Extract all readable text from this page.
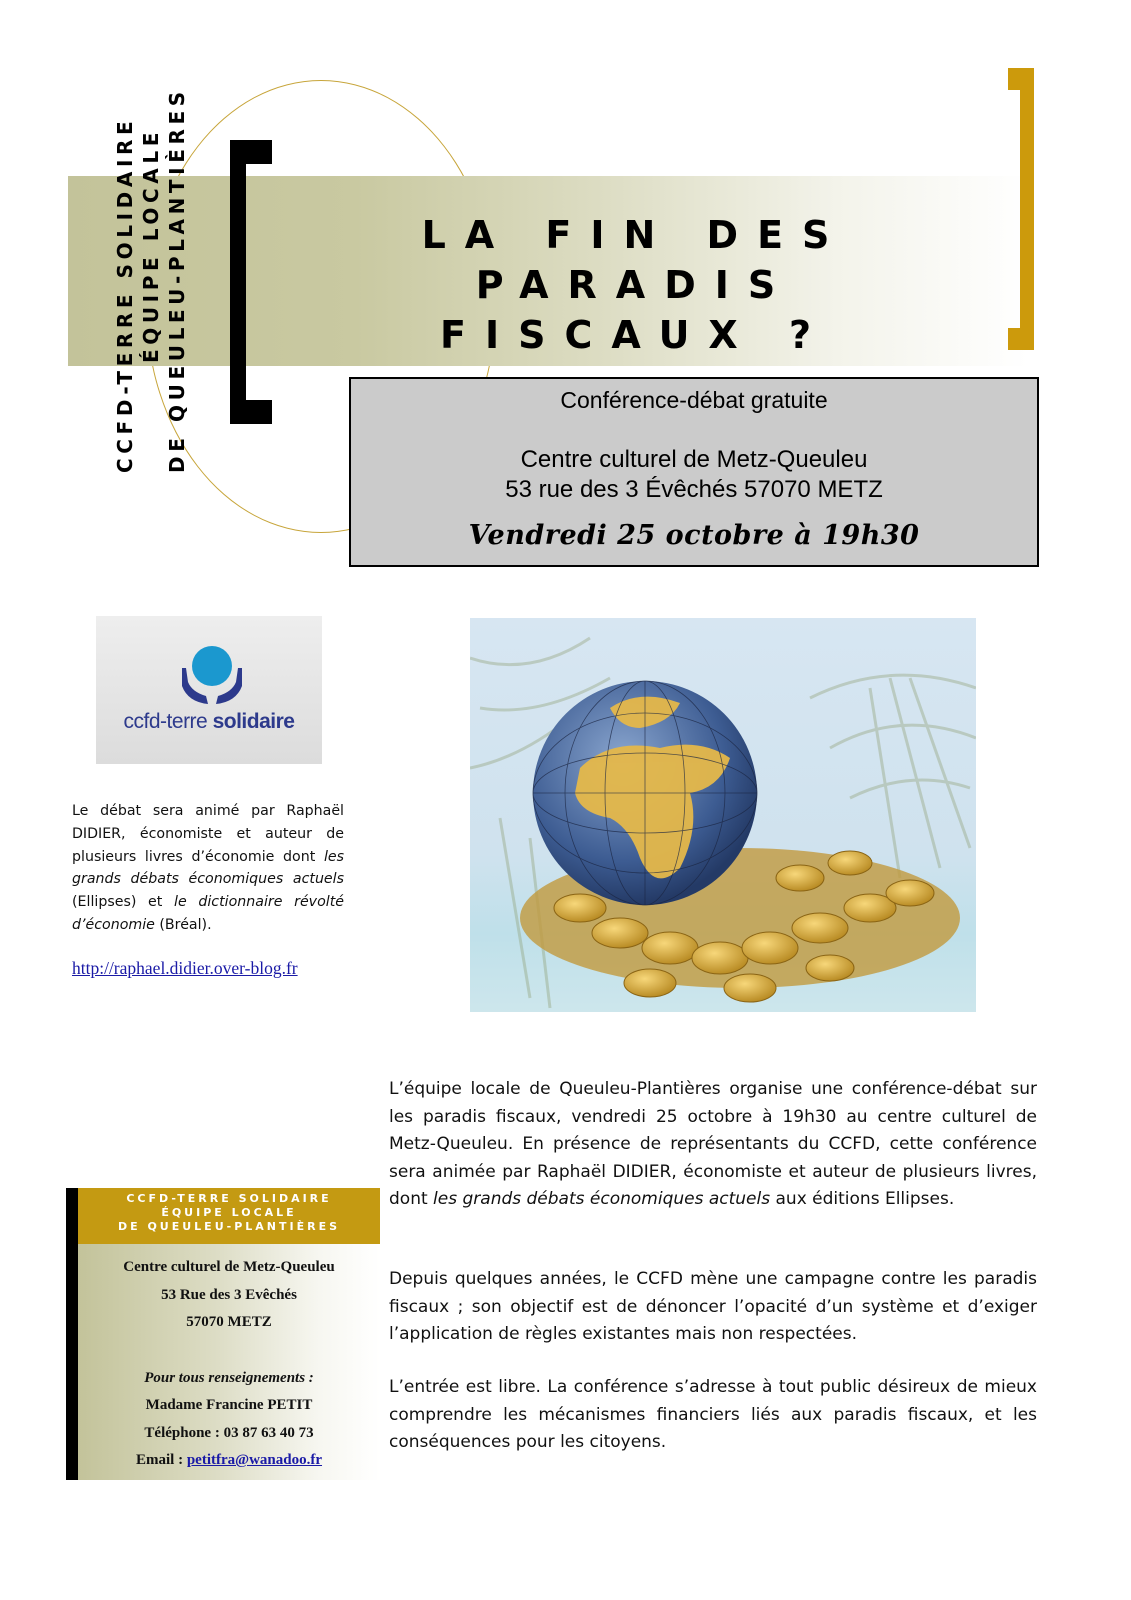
CCFD-TERRE SOLIDAIRE ÉQUIPE LOCALE DE QUEULEU-PLANTIÈRES	LA FIN DES PARADIS
FISCAUX ?
Conférence-débat gratuite
Centre culturel de Metz-Queuleu
53 rue des 3 Évêchés 57070 METZ
Vendredi 25 octobre à 19h30
ccfd-terre solidaire
Le débat sera animé par Raphaël DIDIER, économiste et auteur de plusieurs livres d’économie dont les grands débats économiques actuels (Ellipses) et le dictionnaire révolté d’économie (Bréal).
http://raphael.didier.over-blog.fr
CCFD-TERRE SOLIDAIRE
ÉQUIPE LOCALE
DE QUEULEU-PLANTIÈRES
Centre culturel de Metz-Queuleu
53 Rue des 3 Evêchés
57070 METZ
Pour tous renseignements :
Madame Francine PETIT
Téléphone : 03 87 63 40 73
Email : petitfra@wanadoo.fr
L’équipe locale de Queuleu-Plantières organise une conférence-débat sur les paradis fiscaux, vendredi 25 octobre à 19h30 au centre culturel de Metz-Queuleu. En présence de représentants du CCFD, cette conférence sera animée par Raphaël DIDIER, économiste et auteur de plusieurs livres, dont les grands débats économiques actuels aux éditions Ellipses.
Depuis quelques années, le CCFD mène une campagne contre les paradis fiscaux ; son objectif est de dénoncer l’opacité d’un système et d’exiger l’application de règles existantes mais non respectées.
L’entrée est libre. La conférence s’adresse à tout public désireux de mieux comprendre les mécanismes financiers liés aux paradis fiscaux, et les conséquences pour les citoyens.
